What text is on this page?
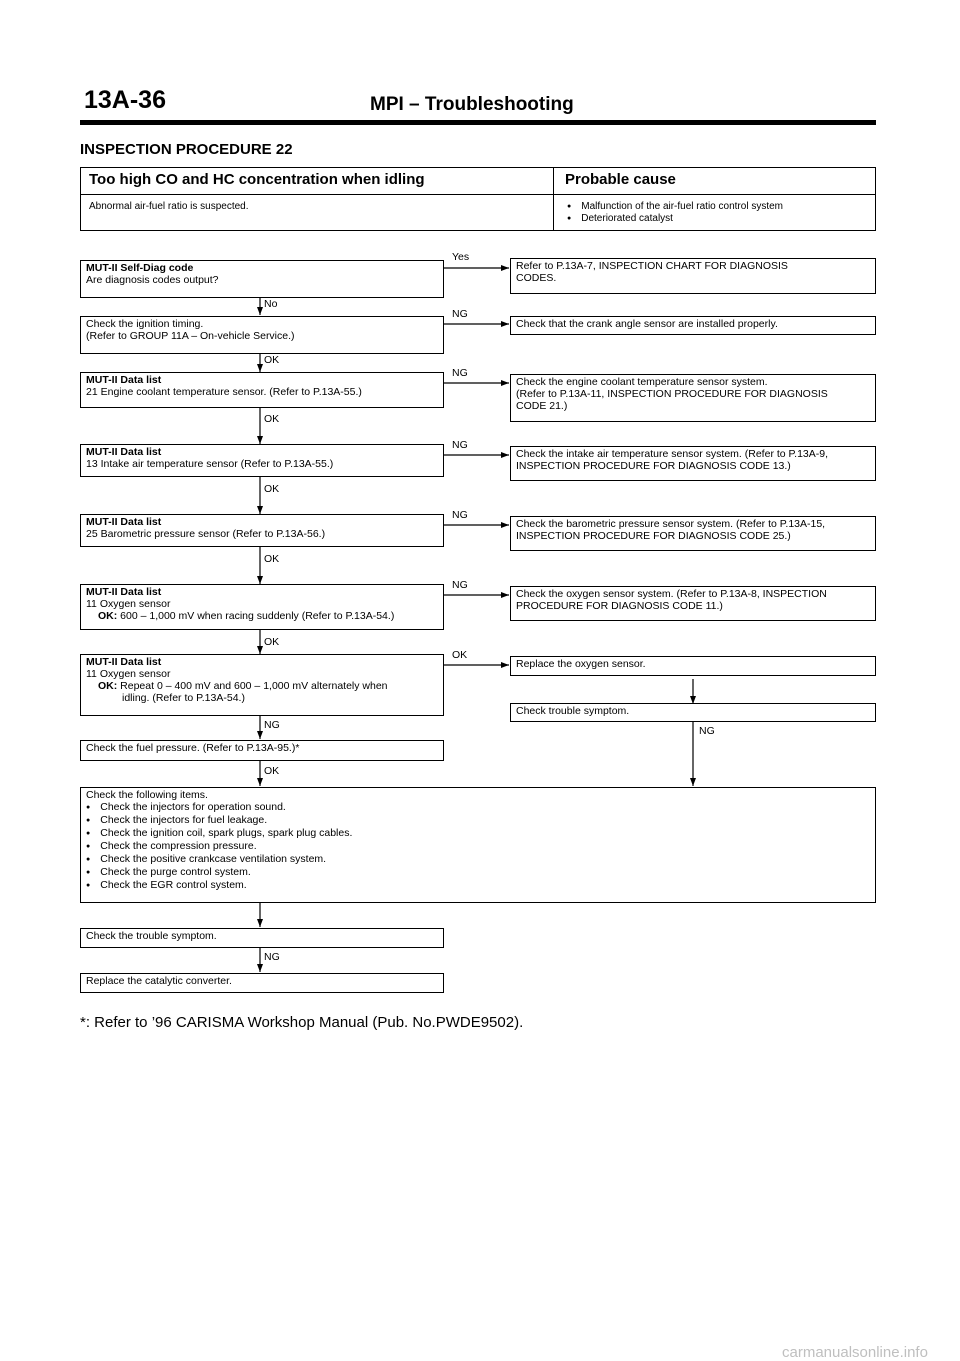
13A-36	MPI – Troubleshooting
INSPECTION PROCEDURE 22
Too high CO and HC concentration when idling	Probable cause
Abnormal air-fuel ratio is suspected.
●	Malfunction of the air-fuel ratio control system
● Deteriorated catalyst
Yes
No
NG
OK
NG
OK
NG
OK
NG
OK
NG
OK
OK
NG	NG
OK
NG
MUT-II Self-Diag code
Are diagnosis codes output?
Check the ignition timing.
(Refer to GROUP 11A – On-vehicle Service.)
MUT-II Data list
21 Engine coolant temperature sensor. (Refer to P.13A-55.)
MUT-II Data list
13 Intake air temperature sensor (Refer to P.13A-55.)
MUT-II Data list
25 Barometric pressure sensor (Refer to P.13A-56.)
MUT-II Data list
11 Oxygen sensor
OK: 600 – 1,000 mV when racing suddenly (Refer to P.13A-54.)
MUT-II Data list
11 Oxygen sensor
OK: Repeat 0 – 400 mV and 600 – 1,000 mV alternately when
idling. (Refer to P.13A-54.)
Check the fuel pressure. (Refer to P.13A-95.)*
Check the following items.
● Check the injectors for operation sound.
● Check the injectors for fuel leakage.
● Check the ignition coil, spark plugs, spark plug cables.
● Check the compression pressure.
● Check the positive crankcase ventilation system.
● Check the purge control system.
● Check the EGR control system.
Check the trouble symptom.
Replace the catalytic converter.
Refer to P.13A-7, INSPECTION CHART FOR DIAGNOSIS
CODES.
Check that the crank angle sensor are installed properly.
Check the engine coolant temperature sensor system.
(Refer to P.13A-11, INSPECTION PROCEDURE FOR DIAGNOSIS
CODE 21.)
Check the intake air temperature sensor system. (Refer to P.13A-9,
INSPECTION PROCEDURE FOR DIAGNOSIS CODE 13.)
Check the barometric pressure sensor system. (Refer to P.13A-15,
INSPECTION PROCEDURE FOR DIAGNOSIS CODE 25.)
Check the oxygen sensor system. (Refer to P.13A-8, INSPECTION
PROCEDURE FOR DIAGNOSIS CODE 11.)
Replace the oxygen sensor.
Check trouble symptom.
*: Refer to ’96 CARISMA Workshop Manual (Pub. No.PWDE9502).
carmanualsonline.info
